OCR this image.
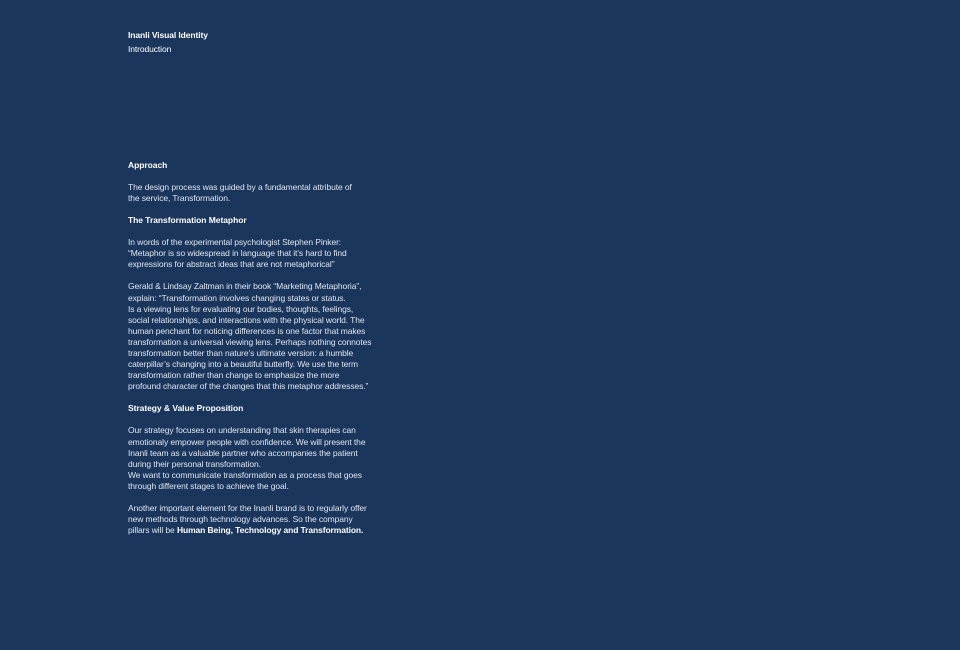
Inanli Visual Identity
Introduction
Approach

The design process was guided by a fundamental attribute of
the service, Transformation.

The Transformation Metaphor

In words of the experimental psychologist Stephen Pinker:
“Metaphor is so widespread in language that it’s hard to find
expressions for abstract ideas that are not metaphorical”

Gerald & Lindsay Zaltman in their book “Marketing Metaphoria”,
explain: “Transformation involves changing states or status.
Is a viewing lens for evaluating our bodies, thoughts, feelings,
social relationships, and interactions with the physical world. The
human penchant for noticing differences is one factor that makes
transformation a universal viewing lens. Perhaps nothing connotes
transformation better than nature’s ultimate version: a humble
caterpillar’s changing into a beautiful butterfly. We use the term
transformation rather than change to emphasize the more
profound character of the changes that this metaphor addresses.”

Strategy & Value Proposition

Our strategy focuses on understanding that skin therapies can
emotionaly empower people with confidence. We will present the
Inanli team as a valuable partner who accompanies the patient
during their personal transformation.
We want to communicate transformation as a process that goes
through different stages to achieve the goal.

Another important element for the Inanli brand is to regularly offer
new methods through technology advances. So the company
pillars will be Human Being, Technology and Transformation.
